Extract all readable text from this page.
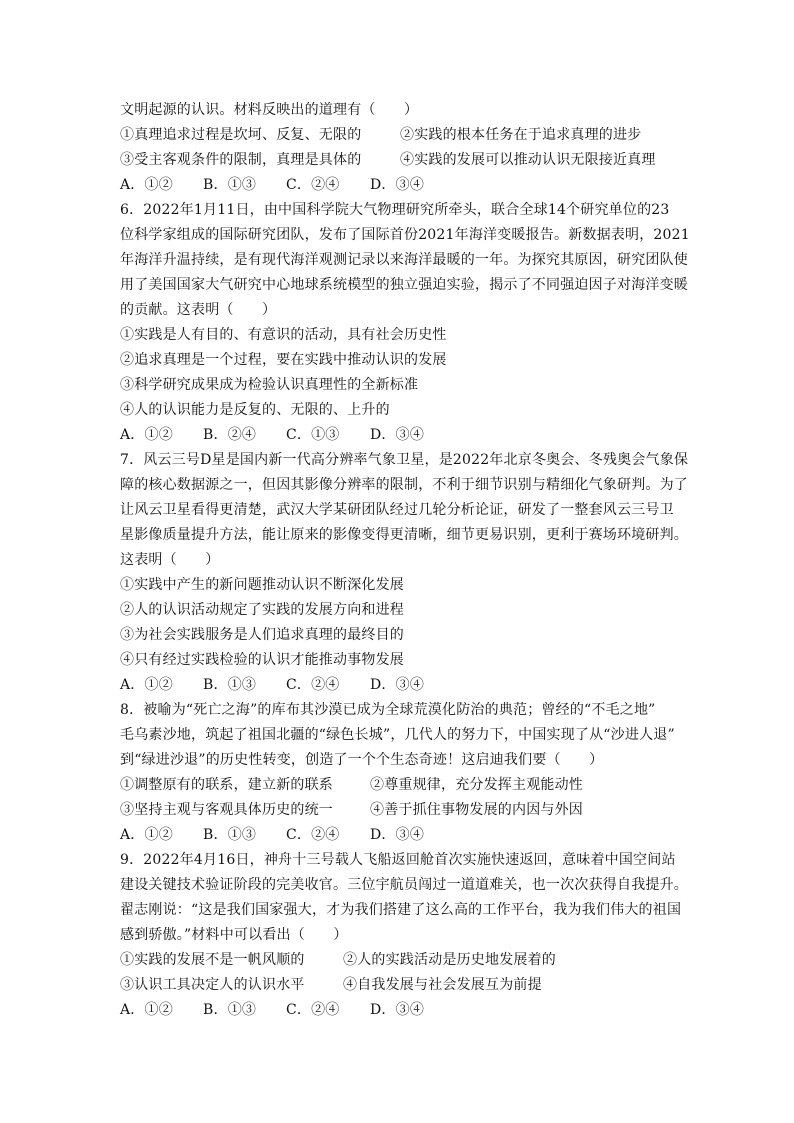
文明起源的认识。材料反映出的道理有（　　）
①真理追求过程是坎坷、反复、无限的	②实践的根本任务在于追求真理的进步
③受主客观条件的限制，真理是具体的	④实践的发展可以推动认识无限接近真理
A．①② B．①③ C．②④ D．③④
6．2022年1月11日，由中国科学院大气物理研究所牵头，联合全球14个研究单位的23
位科学家组成的国际研究团队，发布了国际首份2021年海洋变暖报告。新数据表明，2021
年海洋升温持续，是有现代海洋观测记录以来海洋最暖的一年。为探究其原因，研究团队使
用了美国国家大气研究中心地球系统模型的独立强迫实验，揭示了不同强迫因子对海洋变暖
的贡献。这表明（　　）
①实践是人有目的、有意识的活动，具有社会历史性
②追求真理是一个过程，要在实践中推动认识的发展
③科学研究成果成为检验认识真理性的全新标准
④人的认识能力是反复的、无限的、上升的
A．①② B．②④ C．①③ D．③④
7．风云三号D星是国内新一代高分辨率气象卫星，是2022年北京冬奥会、冬残奥会气象保
障的核心数据源之一，但因其影像分辨率的限制，不利于细节识别与精细化气象研判。为了
让风云卫星看得更清楚，武汉大学某研团队经过几轮分析论证，研发了一整套风云三号卫
星影像质量提升方法，能让原来的影像变得更清晰，细节更易识别，更利于赛场环境研判。
这表明（　　）
①实践中产生的新问题推动认识不断深化发展
②人的认识活动规定了实践的发展方向和进程
③为社会实践服务是人们追求真理的最终目的
④只有经过实践检验的认识才能推动事物发展
A．①② B．①③ C．②④ D．③④
8．被喻为“死亡之海”的库布其沙漠已成为全球荒漠化防治的典范；曾经的“不毛之地”
毛乌素沙地，筑起了祖国北疆的“绿色长城”，几代人的努力下，中国实现了从“沙进人退”
到“绿进沙退”的历史性转变，创造了一个个生态奇迹！这启迪我们要（　　）
①调整原有的联系，建立新的联系	②尊重规律，充分发挥主观能动性
③坚持主观与客观具体历史的统一	④善于抓住事物发展的内因与外因
A．①② B．①③ C．②④ D．③④
9．2022年4月16日，神舟十三号载人飞船返回舱首次实施快速返回，意味着中国空间站
建设关键技术验证阶段的完美收官。三位宇航员闯过一道道难关，也一次次获得自我提升。
翟志刚说：“这是我们国家强大，才为我们搭建了这么高的工作平台，我为我们伟大的祖国
感到骄傲。”材料中可以看出（　　）
①实践的发展不是一帆风顺的	②人的实践活动是历史地发展着的
③认识工具决定人的认识水平	④自我发展与社会发展互为前提
A．①② B．①③ C．②④ D．③④
